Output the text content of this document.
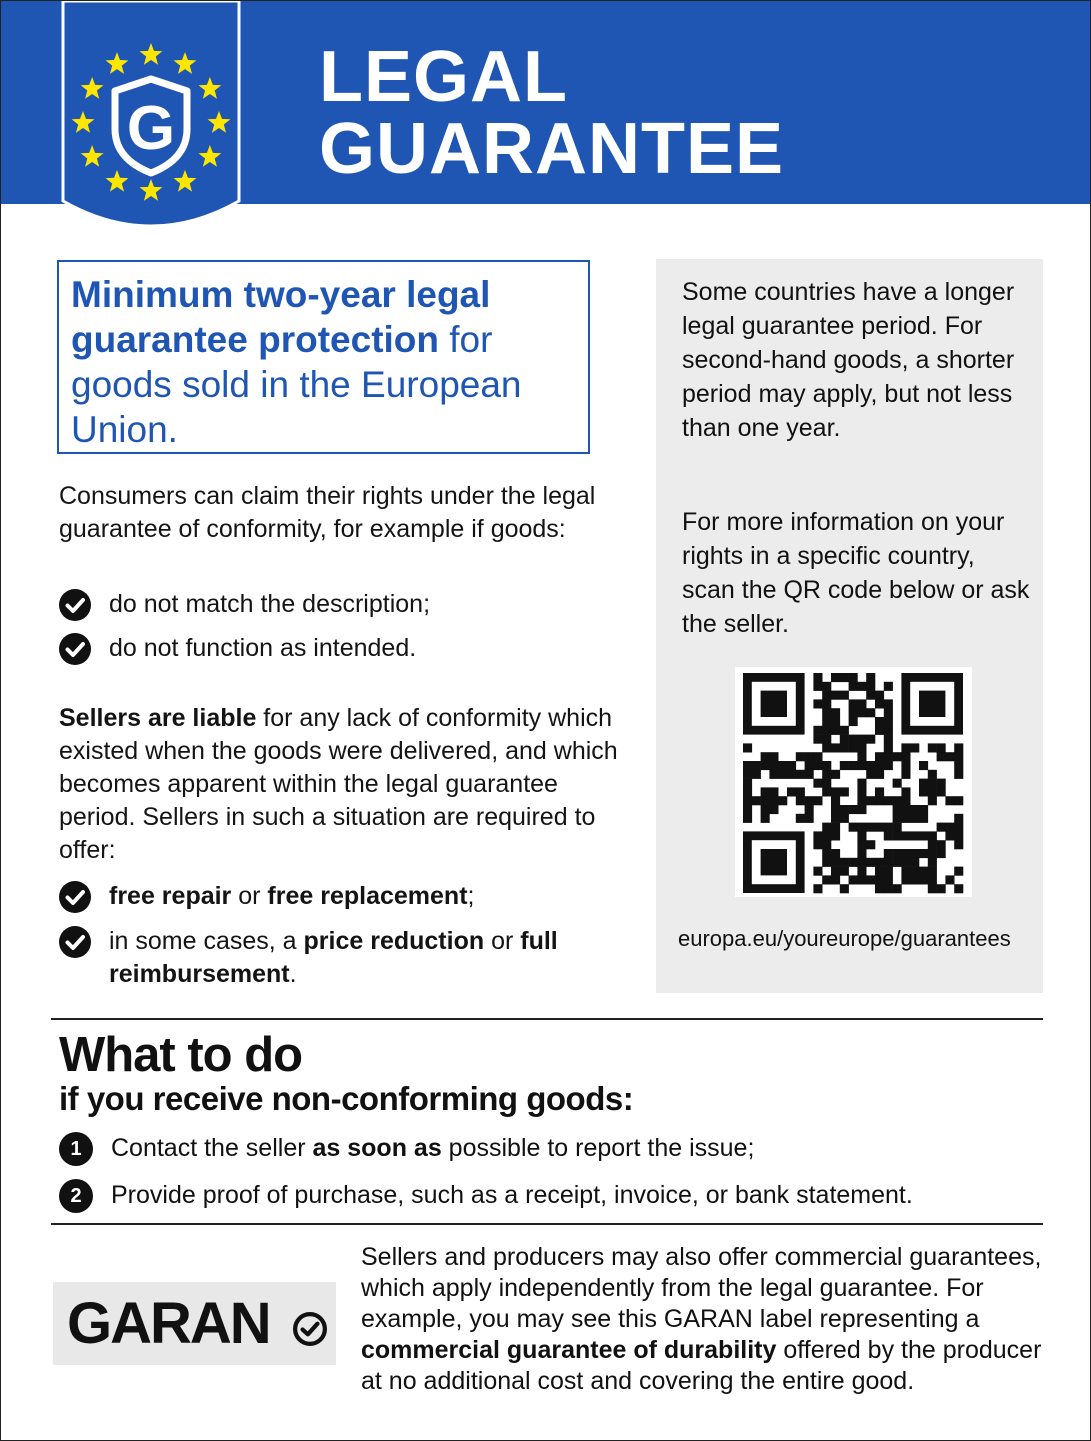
G
LEGAL
GUARANTEE

Minimum two-year legal guarantee protection for goods sold in the European Union.

Consumers can claim their rights under the legal guarantee of conformity, for example if goods:

do not match the description;
do not function as intended.

Sellers are liable for any lack of conformity which existed when the goods were delivered, and which becomes apparent within the legal guarantee period. Sellers in such a situation are required to offer:

free repair or free replacement;
in some cases, a price reduction or full reimbursement.

Some countries have a longer legal guarantee period. For second-hand goods, a shorter period may apply, but not less than one year.

For more information on your rights in a specific country, scan the QR code below or ask the seller.

europa.eu/youreurope/guarantees

What to do

if you receive non-conforming goods:

1	Contact the seller as soon as possible to report the issue;
2	Provide proof of purchase, such as a receipt, invoice, or bank statement.
GARAN

Sellers and producers may also offer commercial guarantees, which apply independently from the legal guarantee. For example, you may see this GARAN label representing a commercial guarantee of durability offered by the producer at no additional cost and covering the entire good.
